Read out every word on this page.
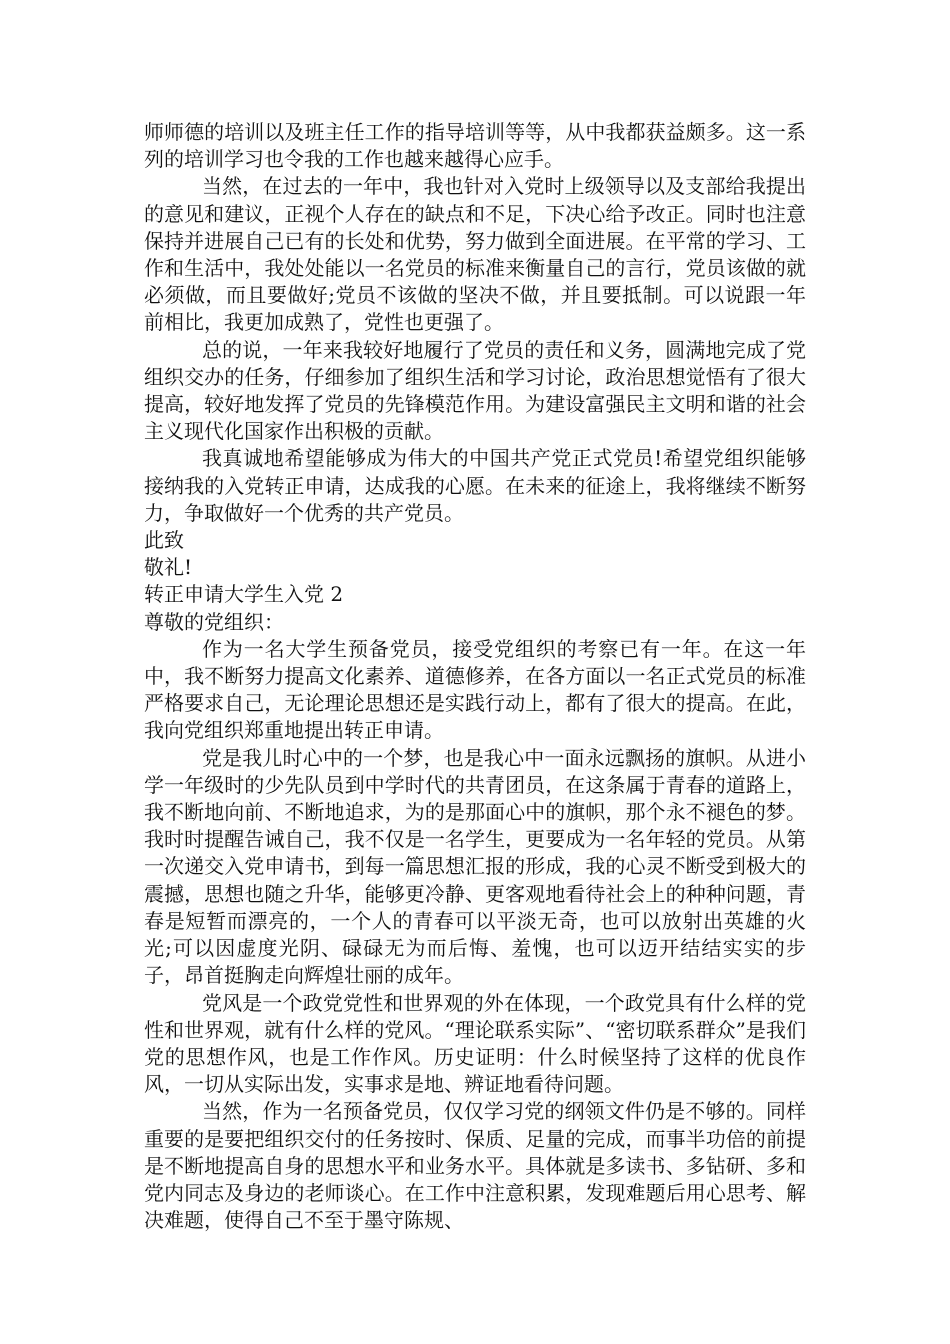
师师德的培训以及班主任工作的指导培训等等，从中我都获益颇多。这一系列的培训学习也令我的工作也越来越得心应手。

当然，在过去的一年中，我也针对入党时上级领导以及支部给我提出的意见和建议，正视个人存在的缺点和不足，下决心给予改正。同时也注意保持并进展自己已有的长处和优势，努力做到全面进展。在平常的学习、工作和生活中，我处处能以一名党员的标准来衡量自己的言行，党员该做的就必须做，而且要做好;党员不该做的坚决不做，并且要抵制。可以说跟一年前相比，我更加成熟了，党性也更强了。

总的说，一年来我较好地履行了党员的责任和义务，圆满地完成了党组织交办的任务，仔细参加了组织生活和学习讨论，政治思想觉悟有了很大提高，较好地发挥了党员的先锋模范作用。为建设富强民主文明和谐的社会主义现代化国家作出积极的贡献。

我真诚地希望能够成为伟大的中国共产党正式党员!希望党组织能够接纳我的入党转正申请，达成我的心愿。在未来的征途上，我将继续不断努力，争取做好一个优秀的共产党员。

此致

敬礼!

转正申请大学生入党 2

尊敬的党组织：

作为一名大学生预备党员，接受党组织的考察已有一年。在这一年中，我不断努力提高文化素养、道德修养，在各方面以一名正式党员的标准严格要求自己，无论理论思想还是实践行动上，都有了很大的提高。在此，我向党组织郑重地提出转正申请。

党是我儿时心中的一个梦，也是我心中一面永远飘扬的旗帜。从进小学一年级时的少先队员到中学时代的共青团员，在这条属于青春的道路上，我不断地向前、不断地追求，为的是那面心中的旗帜，那个永不褪色的梦。我时时提醒告诫自己，我不仅是一名学生，更要成为一名年轻的党员。从第一次递交入党申请书，到每一篇思想汇报的形成，我的心灵不断受到极大的震撼，思想也随之升华，能够更冷静、更客观地看待社会上的种种问题，青春是短暂而漂亮的，一个人的青春可以平淡无奇，也可以放射出英雄的火光;可以因虚度光阴、碌碌无为而后悔、羞愧，也可以迈开结结实实的步子，昂首挺胸走向辉煌壮丽的成年。

党风是一个政党党性和世界观的外在体现，一个政党具有什么样的党性和世界观，就有什么样的党风。“理论联系实际”、“密切联系群众”是我们党的思想作风，也是工作作风。历史证明：什么时候坚持了这样的优良作风，一切从实际出发，实事求是地、辨证地看待问题。

当然，作为一名预备党员，仅仅学习党的纲领文件仍是不够的。同样重要的是要把组织交付的任务按时、保质、足量的完成，而事半功倍的前提是不断地提高自身的思想水平和业务水平。具体就是多读书、多钻研、多和党内同志及身边的老师谈心。在工作中注意积累，发现难题后用心思考、解决难题，使得自己不至于墨守陈规、
